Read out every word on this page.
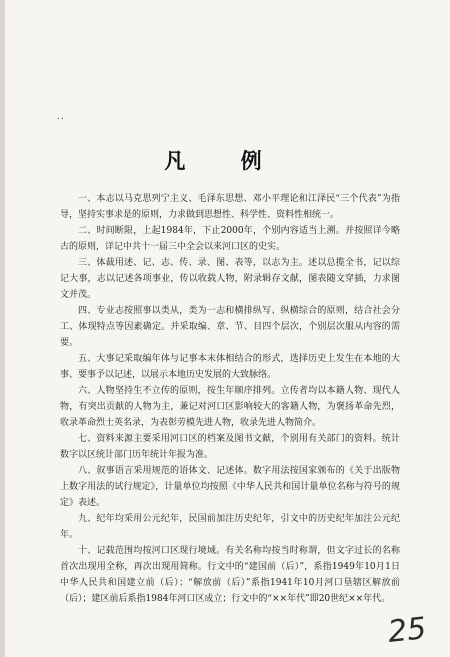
..
凡 例

一、本志以马克思列宁主义、毛泽东思想、邓小平理论和江泽民“三个代表”为指导，坚持实事求是的原则，力求做到思想性、科学性、资料性相统一。

二、时间断限，上起1984年，下止2000年，个别内容适当上溯。并按照详今略古的原则，详记中共十一届三中全会以来河口区的史实。

三、体裁用述、记、志、传、录、图、表等，以志为主。述以总揽全书，记以综记大事，志以记述各项事业，传以收载人物，附录辑存文献，图表随文穿插，力求图文并茂。

四、专业志按照事以类从，类为一志和横排纵写、纵横综合的原则，结合社会分工、体现特点等因素确定。并采取编、章、节、目四个层次，个别层次服从内容的需要。

五、大事记采取编年体与记事本末体相结合的形式，选择历史上发生在本地的大事、要事予以记述，以展示本地历史发展的大致脉络。

六、人物坚持生不立传的原则，按生年顺序排列。立传者均以本籍人物、现代人物，有突出贡献的人物为主，兼记对河口区影响较大的客籍人物，为褒扬革命先烈，收录革命烈士英名录，为表彰劳模先进人物，收录先进人物简介。

七、资料来源主要采用河口区的档案及图书文献，个别用有关部门的资料。统计数字以区统计部门历年统计年报为准。

八、叙事语言采用规范的语体文、记述体。数字用法按国家颁布的《关于出版物上数字用法的试行规定》，计量单位均按照《中华人民共和国计量单位名称与符号的规定》表述。

九、纪年均采用公元纪年，民国前加注历史纪年，引文中的历史纪年加注公元纪年。

十、记载范围均按河口区现行境域。有关名称均按当时称谓，但文字过长的名称首次出现用全称，再次出现用简称。行文中的“建国前（后）”，系指1949年10月1日中华人民共和国建立前（后）；“解放前（后）”系指1941年10月河口垦辖区解放前（后）；建区前后系指1984年河口区成立；行文中的“××年代”即20世纪××年代。

25
